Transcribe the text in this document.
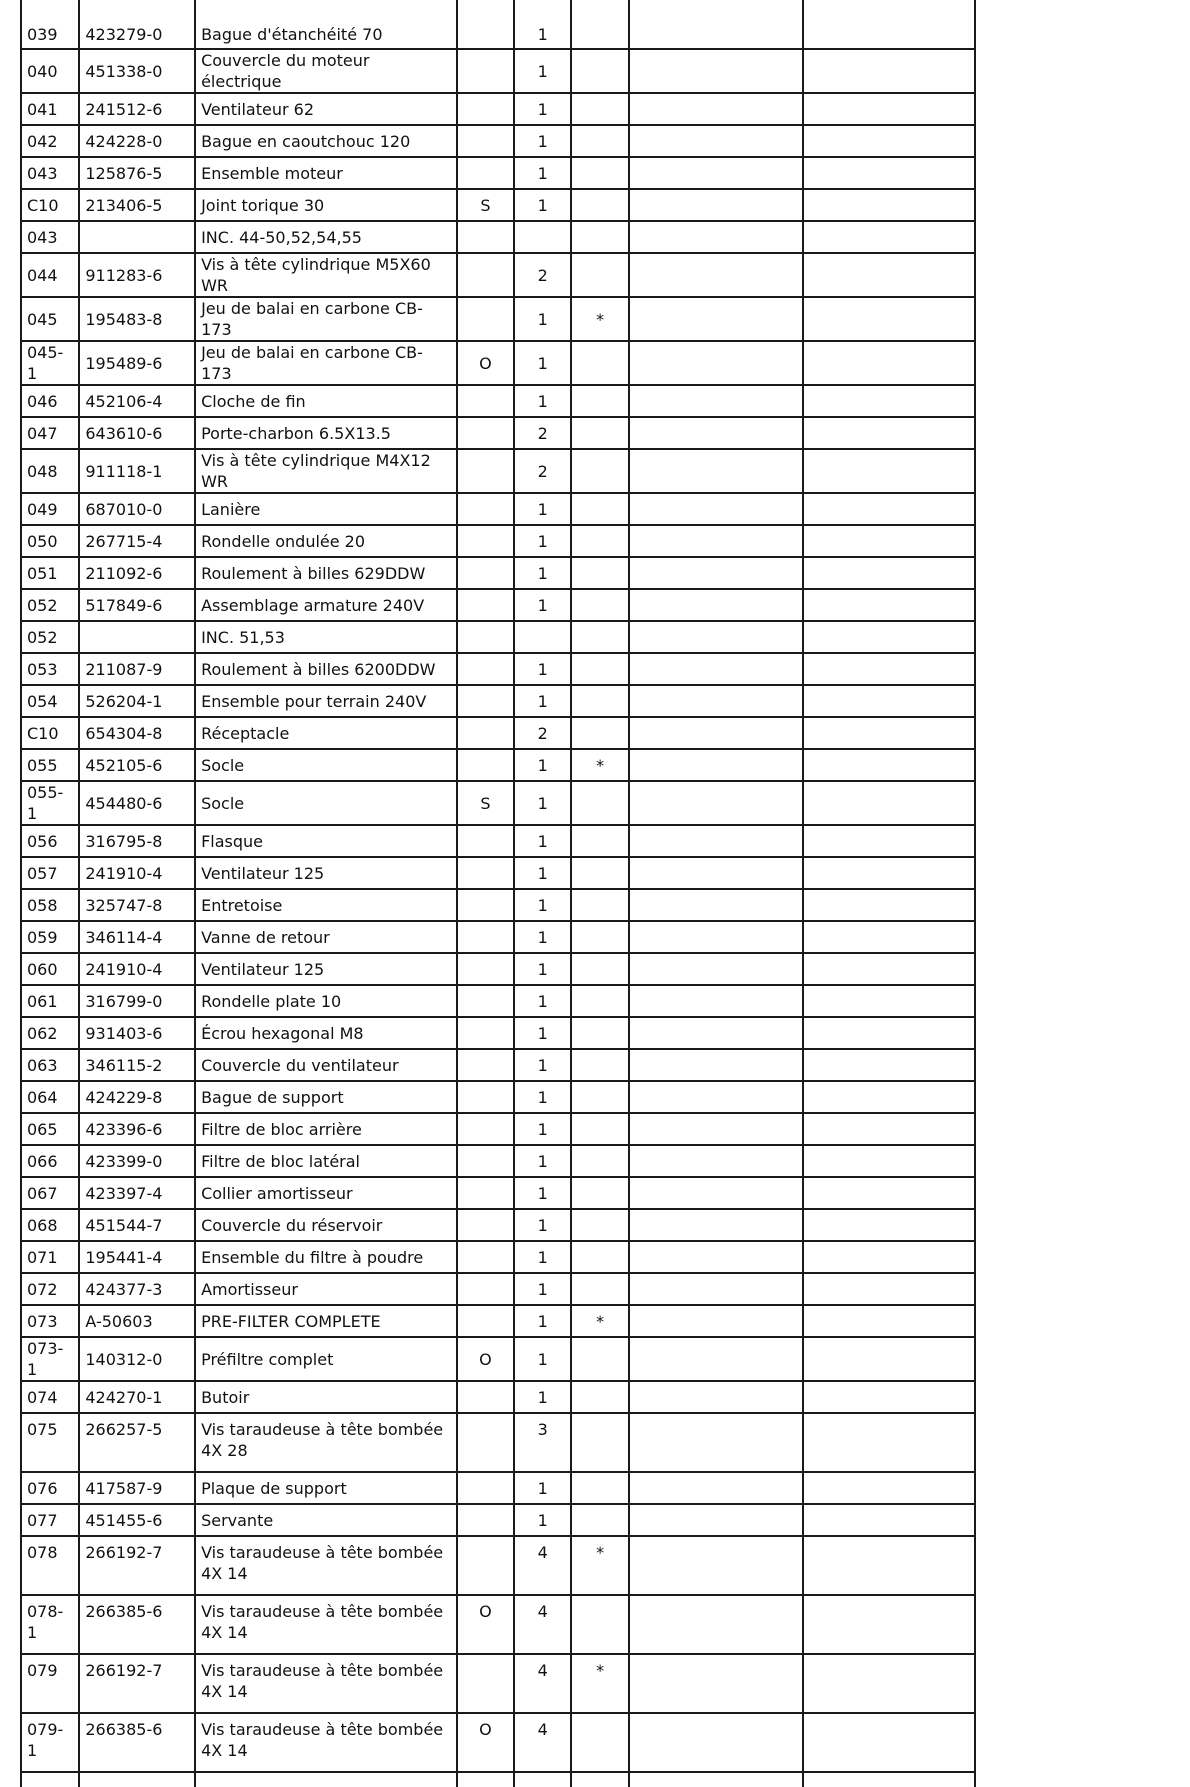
039	423279-0	Bague d'étanchéité 70		1			
040	451338-0	Couvercle du moteur électrique		1			
041	241512-6	Ventilateur 62		1			
042	424228-0	Bague en caoutchouc 120		1			
043	125876-5	Ensemble moteur		1			
C10	213406-5	Joint torique 30	S	1			
043		INC. 44-50,52,54,55					
044	911283-6	Vis à tête cylindrique M5X60 WR		2			
045	195483-8	Jeu de balai en carbone CB-173		1	*		
045-1	195489-6	Jeu de balai en carbone CB-173	O	1			
046	452106-4	Cloche de fin		1			
047	643610-6	Porte-charbon 6.5X13.5		2			
048	911118-1	Vis à tête cylindrique M4X12 WR		2			
049	687010-0	Lanière		1			
050	267715-4	Rondelle ondulée 20		1			
051	211092-6	Roulement à billes 629DDW		1			
052	517849-6	Assemblage armature 240V		1			
052		INC. 51,53					
053	211087-9	Roulement à billes 6200DDW		1			
054	526204-1	Ensemble pour terrain 240V		1			
C10	654304-8	Réceptacle		2			
055	452105-6	Socle		1	*		
055-1	454480-6	Socle	S	1			
056	316795-8	Flasque		1			
057	241910-4	Ventilateur 125		1			
058	325747-8	Entretoise		1			
059	346114-4	Vanne de retour		1			
060	241910-4	Ventilateur 125		1			
061	316799-0	Rondelle plate 10		1			
062	931403-6	Écrou hexagonal M8		1			
063	346115-2	Couvercle du ventilateur		1			
064	424229-8	Bague de support		1			
065	423396-6	Filtre de bloc arrière		1			
066	423399-0	Filtre de bloc latéral		1			
067	423397-4	Collier amortisseur		1			
068	451544-7	Couvercle du réservoir		1			
071	195441-4	Ensemble du filtre à poudre		1			
072	424377-3	Amortisseur		1			
073	A-50603	PRE-FILTER COMPLETE		1	*		
073-1	140312-0	Préfiltre complet	O	1			
074	424270-1	Butoir		1			
075	266257-5	Vis taraudeuse à tête bombée 4X 28		3			
076	417587-9	Plaque de support		1			
077	451455-6	Servante		1			
078	266192-7	Vis taraudeuse à tête bombée 4X 14		4	*		
078-1	266385-6	Vis taraudeuse à tête bombée 4X 14	O	4			
079	266192-7	Vis taraudeuse à tête bombée 4X 14		4	*		
079-1	266385-6	Vis taraudeuse à tête bombée 4X 14	O	4			
